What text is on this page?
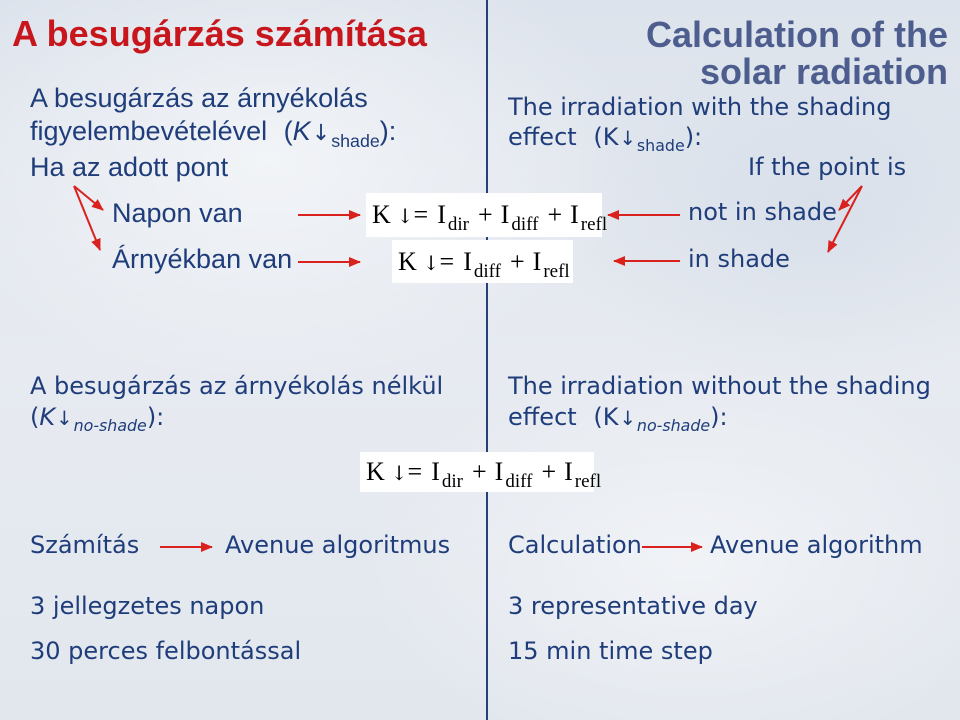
A besugárzás számítása
A besugárzás az árnyékolás
figyelembevételével $(K↓_{shade})$:
Ha az adott pont
Napon van
Árnyékban van
A besugárzás az árnyékolás nélkül
$(K↓_{no-shade})$:
Számítás	Avenue algoritmus
3 jellegzetes napon
30 perces felbontással
Calculation of the
solar radiation
The irradiation with the shading
effect $(K↓_{shade})$:
If the point is
not in shade
in shade
The irradiation without the shading
effect $(K↓_{no-shade})$:
Calculation	Avenue algorithm
3 representative day
15 min time step
K ↓= I $_{dir}$ + I $_{diff}$ + I $_{refl}$
K ↓= I $_{diff}$ + I $_{refl}$
K ↓= I $_{dir}$ + I $_{diff}$ + I $_{refl}$
